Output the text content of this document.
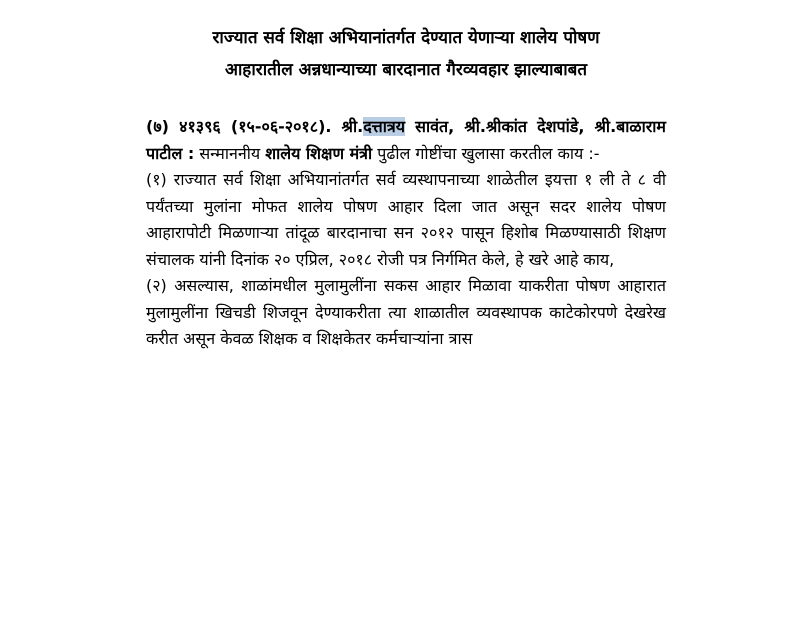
राज्यात सर्व शिक्षा अभियानांतर्गत देण्यात येणाऱ्या शालेय पोषण
आहारातील अन्नधान्याच्या बारदानात गैरव्यवहार झाल्याबाबत

(७) ४१३९६ (१५-०६-२०१८). श्री.दत्तात्रय सावंत, श्री.श्रीकांत देशपांडे, श्री.बाळाराम पाटील : सन्माननीय शालेय शिक्षण मंत्री पुढील गोष्टींचा खुलासा करतील काय :-

(१) राज्यात सर्व शिक्षा अभियानांतर्गत सर्व व्यस्थापनाच्या शाळेतील इयत्ता १ ली ते ८ वी पर्यंतच्या मुलांना मोफत शालेय पोषण आहार दिला जात असून सदर शालेय पोषण आहारापोटी मिळणाऱ्या तांदूळ बारदानाचा सन २०१२ पासून हिशोब मिळण्यासाठी शिक्षण संचालक यांनी दिनांक २० एप्रिल, २०१८ रोजी पत्र निर्गमित केले, हे खरे आहे काय,

(२) असल्यास, शाळांमधील मुलामुलींना सकस आहार मिळावा याकरीता पोषण आहारात मुलामुलींना खिचडी शिजवून देण्याकरीता त्या शाळातील व्यवस्थापक काटेकोरपणे देखरेख करीत असून केवळ शिक्षक व शिक्षकेतर कर्मचाऱ्यांना त्रास
